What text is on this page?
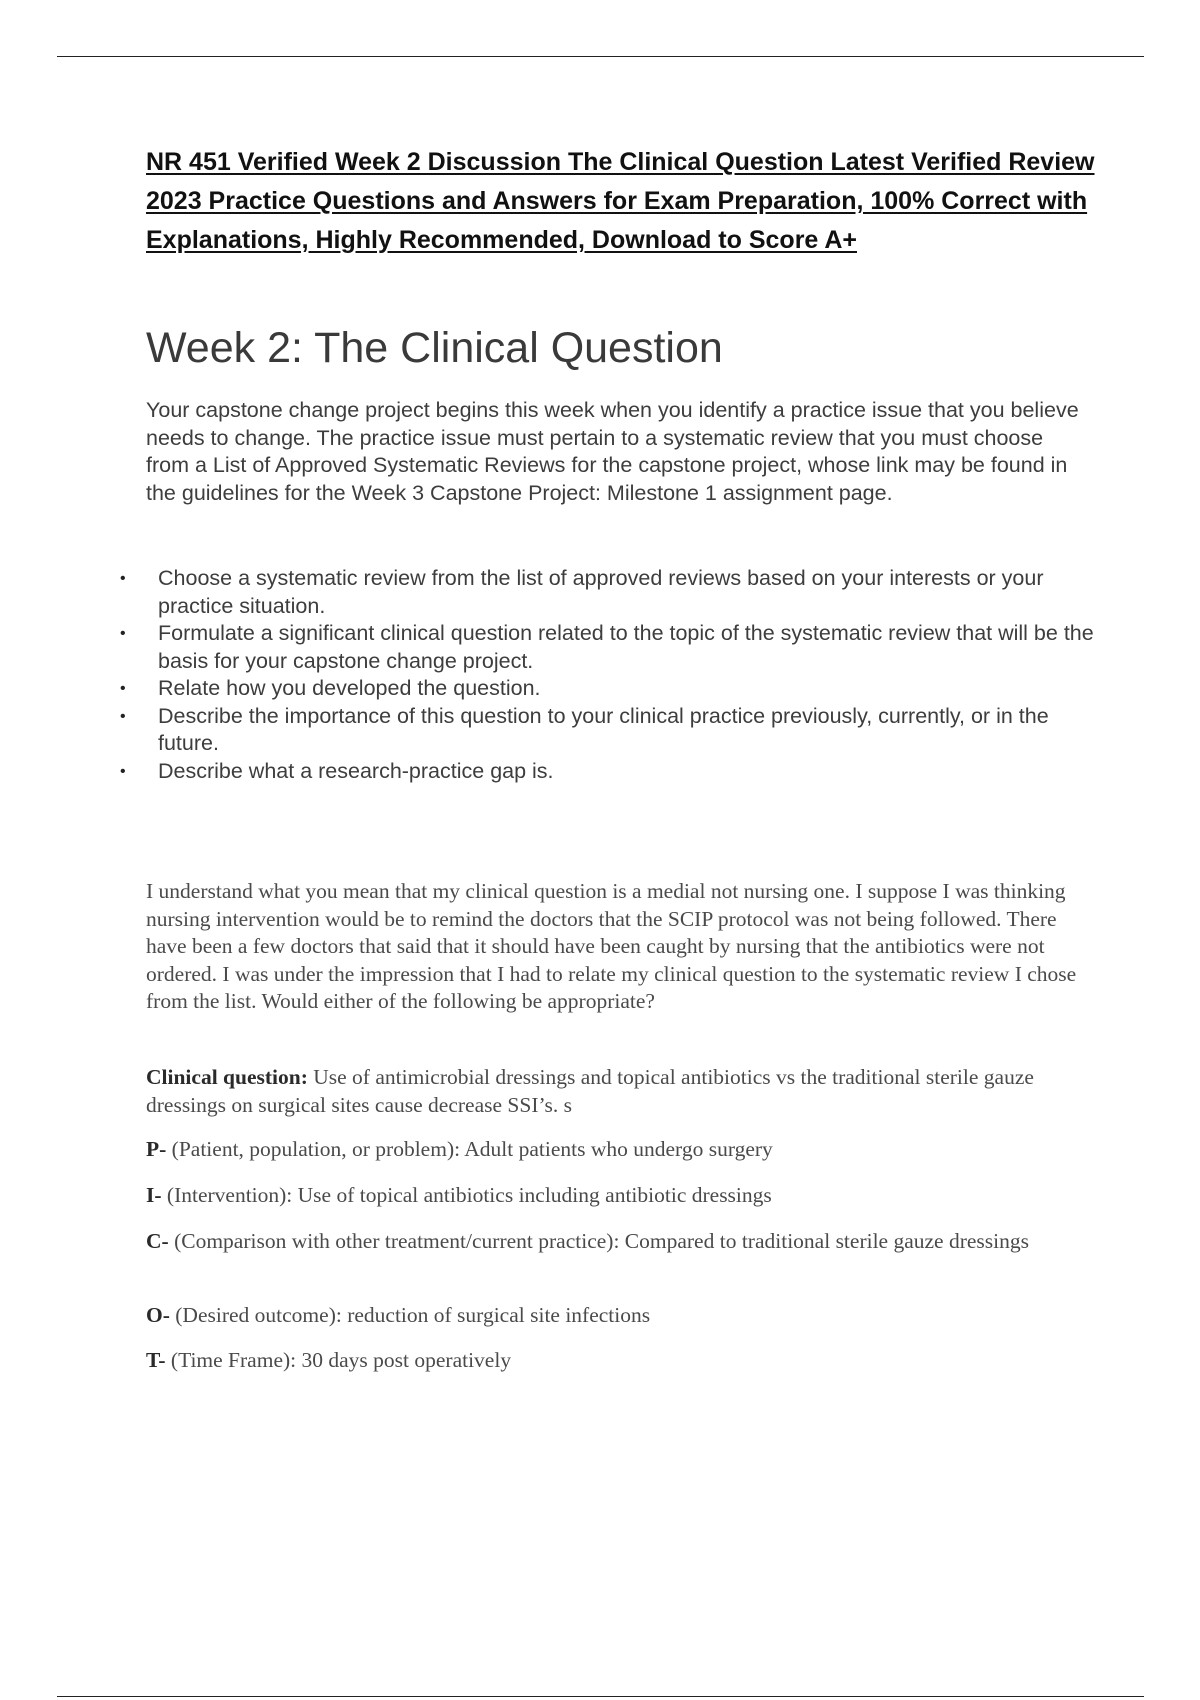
NR 451 Verified Week 2 Discussion The Clinical Question Latest Verified Review 2023 Practice Questions and Answers for Exam Preparation, 100% Correct with Explanations, Highly Recommended, Download to Score A+
Week 2: The Clinical Question

Your capstone change project begins this week when you identify a practice issue that you believe needs to change. The practice issue must pertain to a systematic review that you must choose from a List of Approved Systematic Reviews for the capstone project, whose link may be found in the guidelines for the Week 3 Capstone Project: Milestone 1 assignment page.

• Choose a systematic review from the list of approved reviews based on your interests or your practice situation.
• Formulate a significant clinical question related to the topic of the systematic review that will be the basis for your capstone change project.
• Relate how you developed the question.
• Describe the importance of this question to your clinical practice previously, currently, or in the future.
• Describe what a research-practice gap is.

I understand what you mean that my clinical question is a medial not nursing one. I suppose I was thinking nursing intervention would be to remind the doctors that the SCIP protocol was not being followed. There have been a few doctors that said that it should have been caught by nursing that the antibiotics were not ordered. I was under the impression that I had to relate my clinical question to the systematic review I chose from the list. Would either of the following be appropriate?

Clinical question: Use of antimicrobial dressings and topical antibiotics vs the traditional sterile gauze dressings on surgical sites cause decrease SSI’s. s

P- (Patient, population, or problem): Adult patients who undergo surgery

I- (Intervention): Use of topical antibiotics including antibiotic dressings

C- (Comparison with other treatment/current practice): Compared to traditional sterile gauze dressings

O- (Desired outcome): reduction of surgical site infections

T- (Time Frame): 30 days post operatively
